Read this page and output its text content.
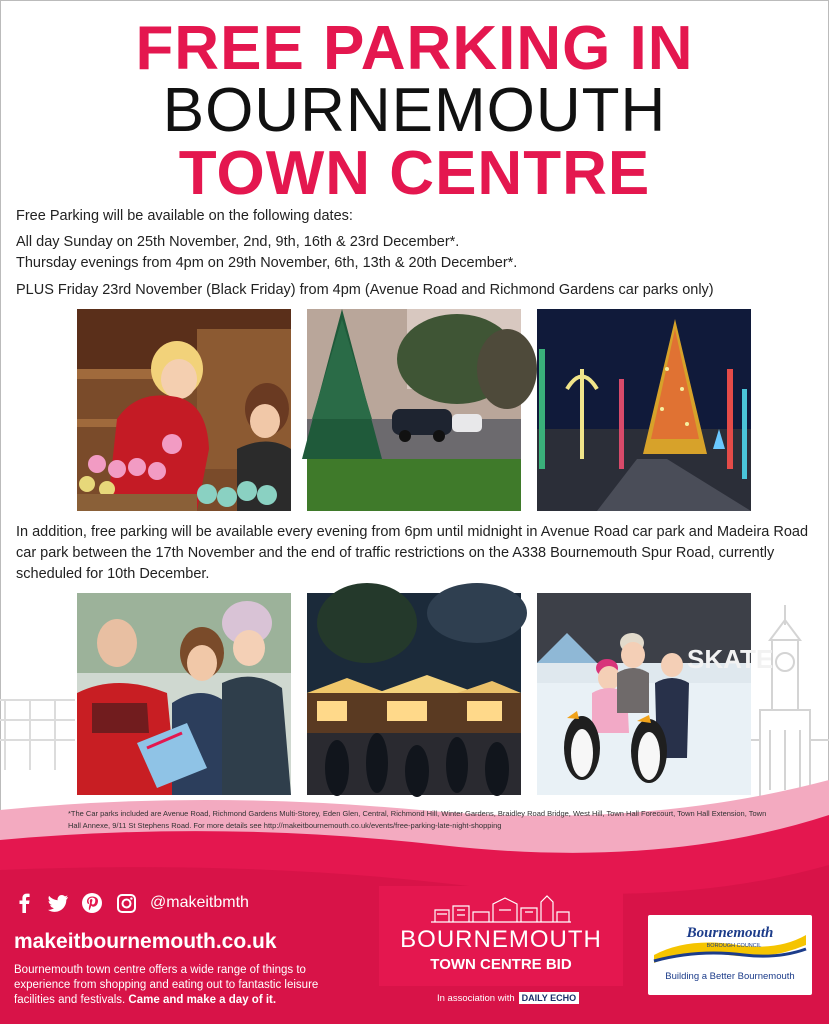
FREE PARKING IN
BOURNEMOUTH
TOWN CENTRE
Free Parking will be available on the following dates:
All day Sunday on 25th November, 2nd, 9th, 16th & 23rd December*.
Thursday evenings from 4pm on 29th November, 6th, 13th & 20th December*.
PLUS Friday 23rd November (Black Friday) from 4pm (Avenue Road and Richmond Gardens car parks only)
In addition, free parking will be available every evening from 6pm until midnight in Avenue Road car park and Madeira Road car park between the 17th November and the end of traffic restrictions on the A338 Bournemouth Spur Road, currently scheduled for 10th December.
SKATE
*The Car parks included are Avenue Road, Richmond Gardens Multi-Storey, Eden Glen, Central, Richmond Hill, Winter Gardens, Braidley Road Bridge, West Hill, Town Hall Forecourt, Town Hall Extension, Town Hall Annexe, 9/11 St Stephens Road. For more details see http://makeitbournemouth.co.uk/events/free-parking-late-night-shopping
@makeitbmth
makeitbournemouth.co.uk
Bournemouth town centre offers a wide range of things to experience from shopping and eating out to fantastic leisure facilities and festivals. Came and make a day of it.
BOURNEMOUTH
TOWN CENTRE BID
In association with DAILY ECHO
Bournemouth
BOROUGH COUNCIL
Building a Better Bournemouth
